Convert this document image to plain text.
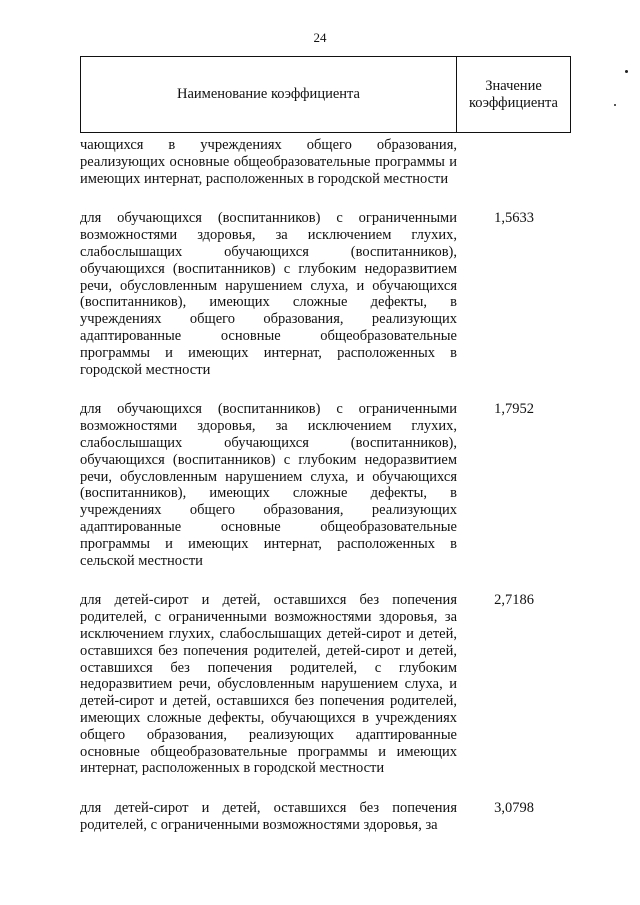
24
Наименование коэффициента
Значение
коэффициента
чающихся в учреждениях общего образования, реализующих основные общеобразовательные программы и имеющих интернат, расположенных в городской местности
для обучающихся (воспитанников) с ограниченными возможностями здоровья, за исключением глухих, слабослышащих обучающихся (воспитанников), обучающихся (воспитанников) с глубоким недоразвитием речи, обусловленным нарушением слуха, и обучающихся (воспитанников), имеющих сложные дефекты, в учреждениях общего образования, реализующих адаптированные основные общеобразовательные программы и имеющих интернат, расположенных в городской местности
1,5633
для обучающихся (воспитанников) с ограниченными возможностями здоровья, за исключением глухих, слабослышащих обучающихся (воспитанников), обучающихся (воспитанников) с глубоким недоразвитием речи, обусловленным нарушением слуха, и обучающихся (воспитанников), имеющих сложные дефекты, в учреждениях общего образования, реализующих адаптированные основные общеобразовательные программы и имеющих интернат, расположенных в сельской местности
1,7952
для детей-сирот и детей, оставшихся без попечения родителей, с ограниченными возможностями здоровья, за исключением глухих, слабослышащих детей-сирот и детей, оставшихся без попечения родителей, детей-сирот и детей, оставшихся без попечения родителей, с глубоким недоразвитием речи, обусловленным нарушением слуха, и детей-сирот и детей, оставшихся без попечения родителей, имеющих сложные дефекты, обучающихся в учреждениях общего образования, реализующих адаптированные основные общеобразовательные программы и имеющих интернат, расположенных в городской местности
2,7186
для детей-сирот и детей, оставшихся без попечения родителей, с ограниченными возможностями здоровья, за
3,0798
